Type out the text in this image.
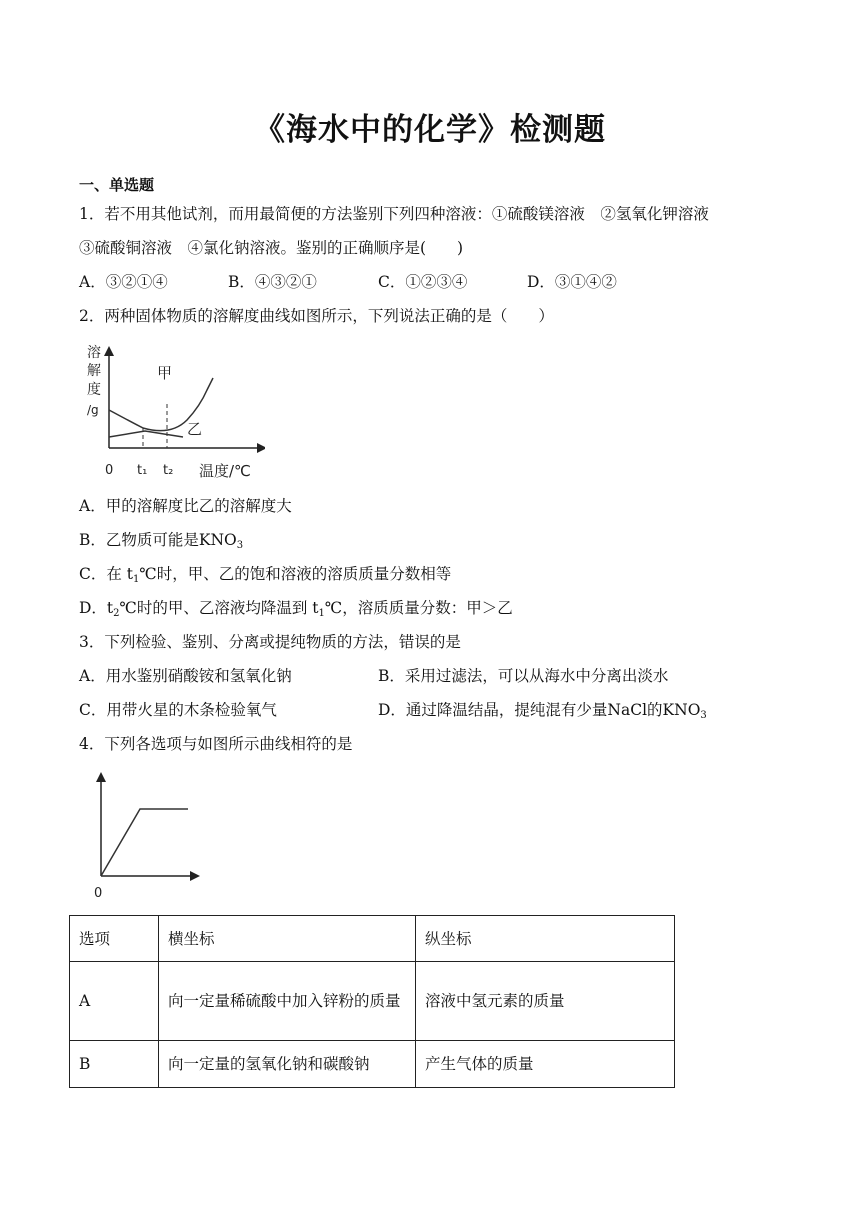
《海水中的化学》检测题
一、单选题
1．若不用其他试剂，而用最简便的方法鉴别下列四种溶液：①硫酸镁溶液　②氢氧化钾溶液
③硫酸铜溶液　④氯化钠溶液。鉴别的正确顺序是(　　)
A．③②①④	B．④③②①	C．①②③④	D．③①④②
2．两种固体物质的溶解度曲线如图所示，下列说法正确的是（　　）
溶
解
度
/g
甲
乙
0 t₁ t₂ 温度/℃
A．甲的溶解度比乙的溶解度大
B．乙物质可能是$KNO_3$
C．在 $t_1℃$时，甲、乙的饱和溶液的溶质质量分数相等
D．$t_2℃$时的甲、乙溶液均降温到 $t_1℃$，溶质质量分数：甲＞乙
3．下列检验、鉴别、分离或提纯物质的方法，错误的是
A．用水鉴别硝酸铵和氢氧化钠	B．采用过滤法，可以从海水中分离出淡水
C．用带火星的木条检验氧气	D．通过降温结晶，提纯混有少量NaCl的$KNO_3$
4．下列各选项与如图所示曲线相符的是
0
选项	横坐标	纵坐标
A	向一定量稀硫酸中加入锌粉的质量	溶液中氢元素的质量
B	向一定量的氢氧化钠和碳酸钠	产生气体的质量
